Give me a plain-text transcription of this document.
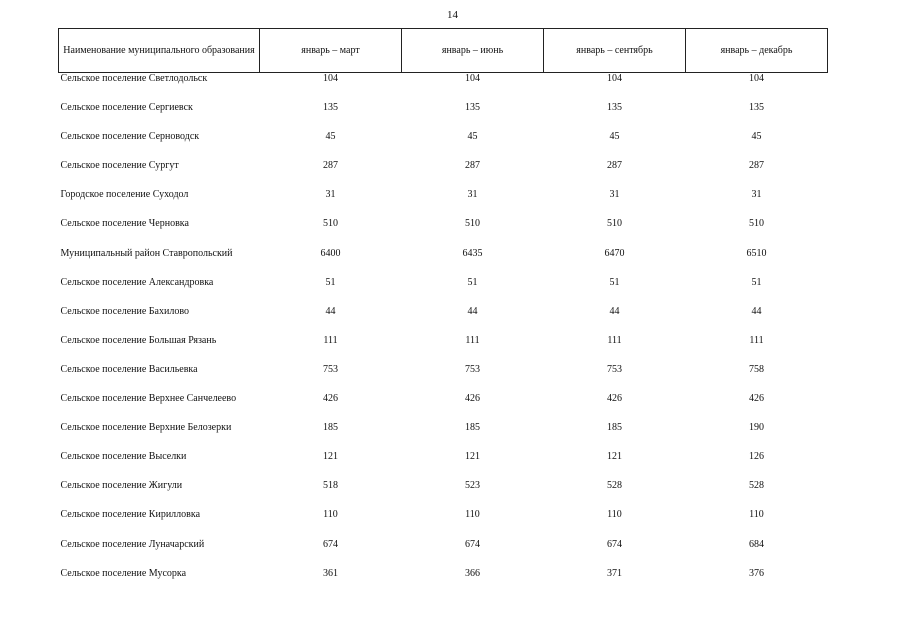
14
Наименование муниципального образования	январь – март	январь – июнь	январь – сентябрь	январь – декабрь
Сельское поселение Светлодольск	104	104	104	104
Сельское поселение Сергиевск	135	135	135	135
Сельское поселение Серноводск	45	45	45	45
Сельское поселение Сургут	287	287	287	287
Городское поселение Суходол	31	31	31	31
Сельское поселение Черновка	510	510	510	510
Муниципальный район Ставропольский	6400	6435	6470	6510
Сельское поселение Александровка	51	51	51	51
Сельское поселение Бахилово	44	44	44	44
Сельское поселение Большая Рязань	111	111	111	111
Сельское поселение Васильевка	753	753	753	758
Сельское поселение Верхнее Санчелеево	426	426	426	426
Сельское поселение Верхние Белозерки	185	185	185	190
Сельское поселение Выселки	121	121	121	126
Сельское поселение Жигули	518	523	528	528
Сельское поселение Кирилловка	110	110	110	110
Сельское поселение Луначарский	674	674	674	684
Сельское поселение Мусорка	361	366	371	376
